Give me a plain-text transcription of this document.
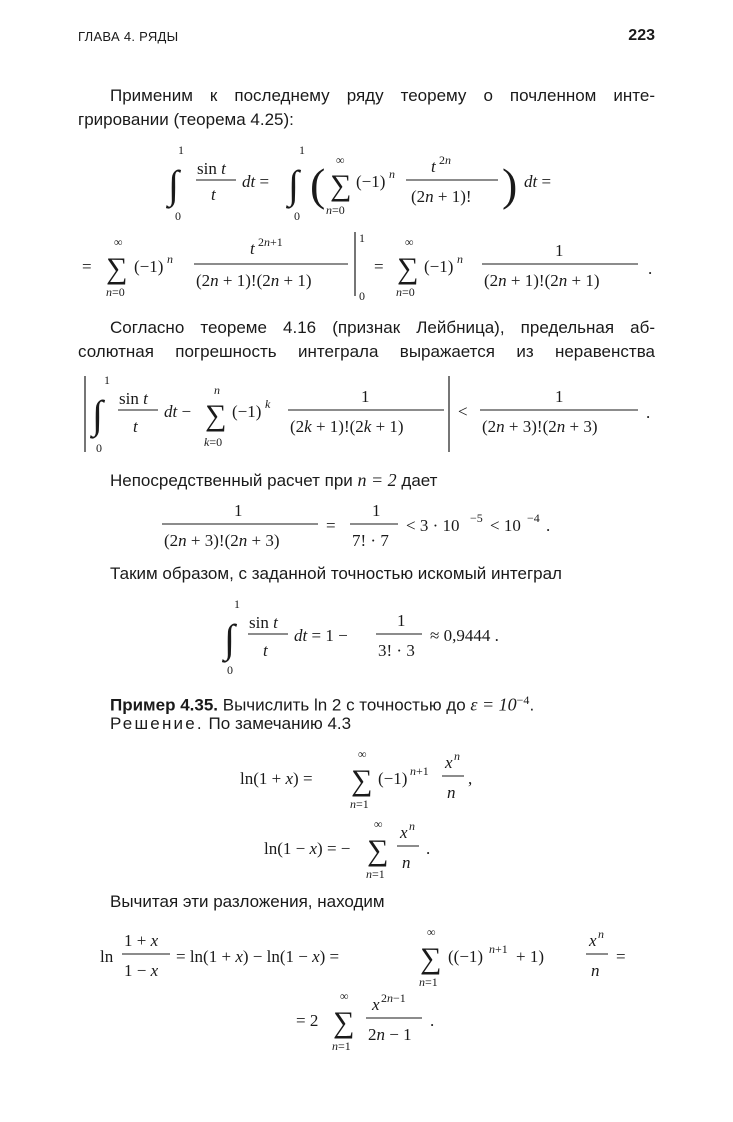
ГЛАВА 4. РЯДЫ	223
Применим к последнему ряду теорему о почленном инте-
грировании (теорема 4.25):
1
∫
0
sin t
t
dt =
1
∫
0
( ∞
∑
n=0
(−1) n t 2n
(2n + 1)! ) dt =
=
∞
∑
n=0
(−1) n
t 2n+1
(2n + 1)!(2n + 1)
1
0
=
∞
∑
n=0
(−1) n	1
(2n + 1)!(2n + 1)
.
Согласно теореме 4.16 (признак Лейбница), предельная аб-
солютная погрешность интеграла выражается из неравенства
1
∫
0
sin t
t
dt −
n
∑
k=0
(−1) k	1
(2k + 1)!(2k + 1)
<
1
(2n + 3)!(2n + 3)
.
Непосредственный расчет при n = 2 дает
1
(2n + 3)!(2n + 3)
=
1
7! · 7
< 3 · 10 −5 < 10 −4 .
Таким образом, с заданной точностью искомый интеграл
1
∫
0
sin t
t
dt = 1 −
1
3! · 3
≈ 0,9444 .
Пример 4.35. Вычислить ln 2 с точностью до $\varepsilon = 10^{-4}$.
Решение. По замечанию 4.3
ln(1 + x) =
∞
∑
n=1
(−1) n+1 x n
n
,
ln(1 − x) = −
∞
∑
n=1
x n
n
.
Вычитая эти разложения, находим
ln
1 + x
1 − x
= ln(1 + x) − ln(1 − x) =
∞
∑
n=1
((−1) n+1 + 1)
x n
n
=
= 2
∞
∑
n=1
x 2n−1
2n − 1
.
